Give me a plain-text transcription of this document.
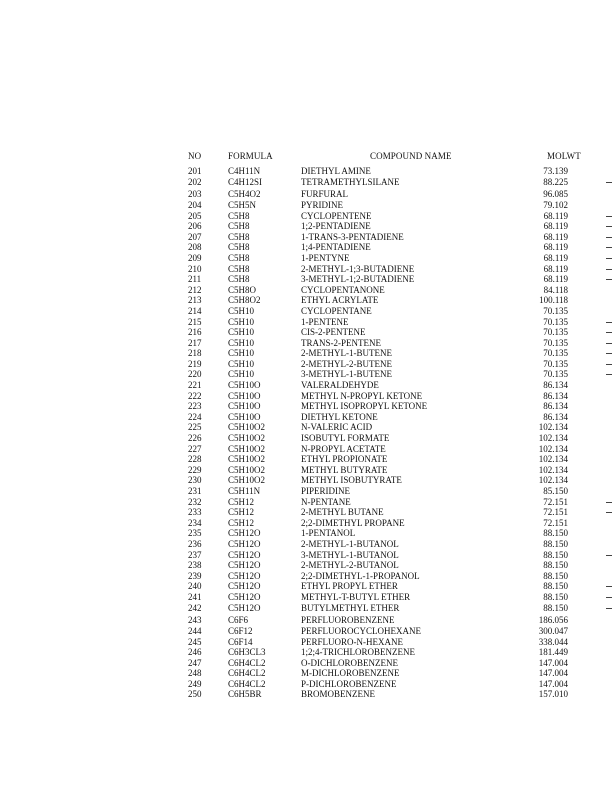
NO	FORMULA	COMPOUND NAME	MOLWT
201	C4H11N	DIETHYL AMINE	73.139
202	C4H12SI	TETRAMETHYLSILANE	88.225
203	C5H4O2	FURFURAL	96.085
204	C5H5N	PYRIDINE	79.102
205	C5H8	CYCLOPENTENE	68.119
206	C5H8	1;2-PENTADIENE	68.119
207	C5H8	1-TRANS-3-PENTADIENE	68.119
208	C5H8	1;4-PENTADIENE	68.119
209	C5H8	1-PENTYNE	68.119
210	C5H8	2-METHYL-1;3-BUTADIENE	68.119
211	C5H8	3-METHYL-1;2-BUTADIENE	68.119
212	C5H8O	CYCLOPENTANONE	84.118
213	C5H8O2	ETHYL ACRYLATE	100.118
214	C5H10	CYCLOPENTANE	70.135
215	C5H10	1-PENTENE	70.135
216	C5H10	CIS-2-PENTENE	70.135
217	C5H10	TRANS-2-PENTENE	70.135
218	C5H10	2-METHYL-1-BUTENE	70.135
219	C5H10	2-METHYL-2-BUTENE	70.135
220	C5H10	3-METHYL-1-BUTENE	70.135
221	C5H10O	VALERALDEHYDE	86.134
222	C5H10O	METHYL N-PROPYL KETONE	86.134
223	C5H10O	METHYL ISOPROPYL KETONE	86.134
224	C5H10O	DIETHYL KETONE	86.134
225	C5H10O2	N-VALERIC ACID	102.134
226	C5H10O2	ISOBUTYL FORMATE	102.134
227	C5H10O2	N-PROPYL ACETATE	102.134
228	C5H10O2	ETHYL PROPIONATE	102.134
229	C5H10O2	METHYL BUTYRATE	102.134
230	C5H10O2	METHYL ISOBUTYRATE	102.134
231	C5H11N	PIPERIDINE	85.150
232	C5H12	N-PENTANE	72.151
233	C5H12	2-METHYL BUTANE	72.151
234	C5H12	2;2-DIMETHYL PROPANE	72.151
235	C5H12O	1-PENTANOL	88.150
236	C5H12O	2-METHYL-1-BUTANOL	88.150
237	C5H12O	3-METHYL-1-BUTANOL	88.150
238	C5H12O	2-METHYL-2-BUTANOL	88.150
239	C5H12O	2;2-DIMETHYL-1-PROPANOL	88.150
240	C5H12O	ETHYL PROPYL ETHER	88.150
241	C5H12O	METHYL-T-BUTYL ETHER	88.150
242	C5H12O	BUTYLMETHYL ETHER	88.150
243	C6F6	PERFLUOROBENZENE	186.056
244	C6F12	PERFLUOROCYCLOHEXANE	300.047
245	C6F14	PERFLUORO-N-HEXANE	338.044
246	C6H3CL3	1;2;4-TRICHLOROBENZENE	181.449
247	C6H4CL2	O-DICHLOROBENZENE	147.004
248	C6H4CL2	M-DICHLOROBENZENE	147.004
249	C6H4CL2	P-DICHLOROBENZENE	147.004
250	C6H5BR	BROMOBENZENE	157.010
